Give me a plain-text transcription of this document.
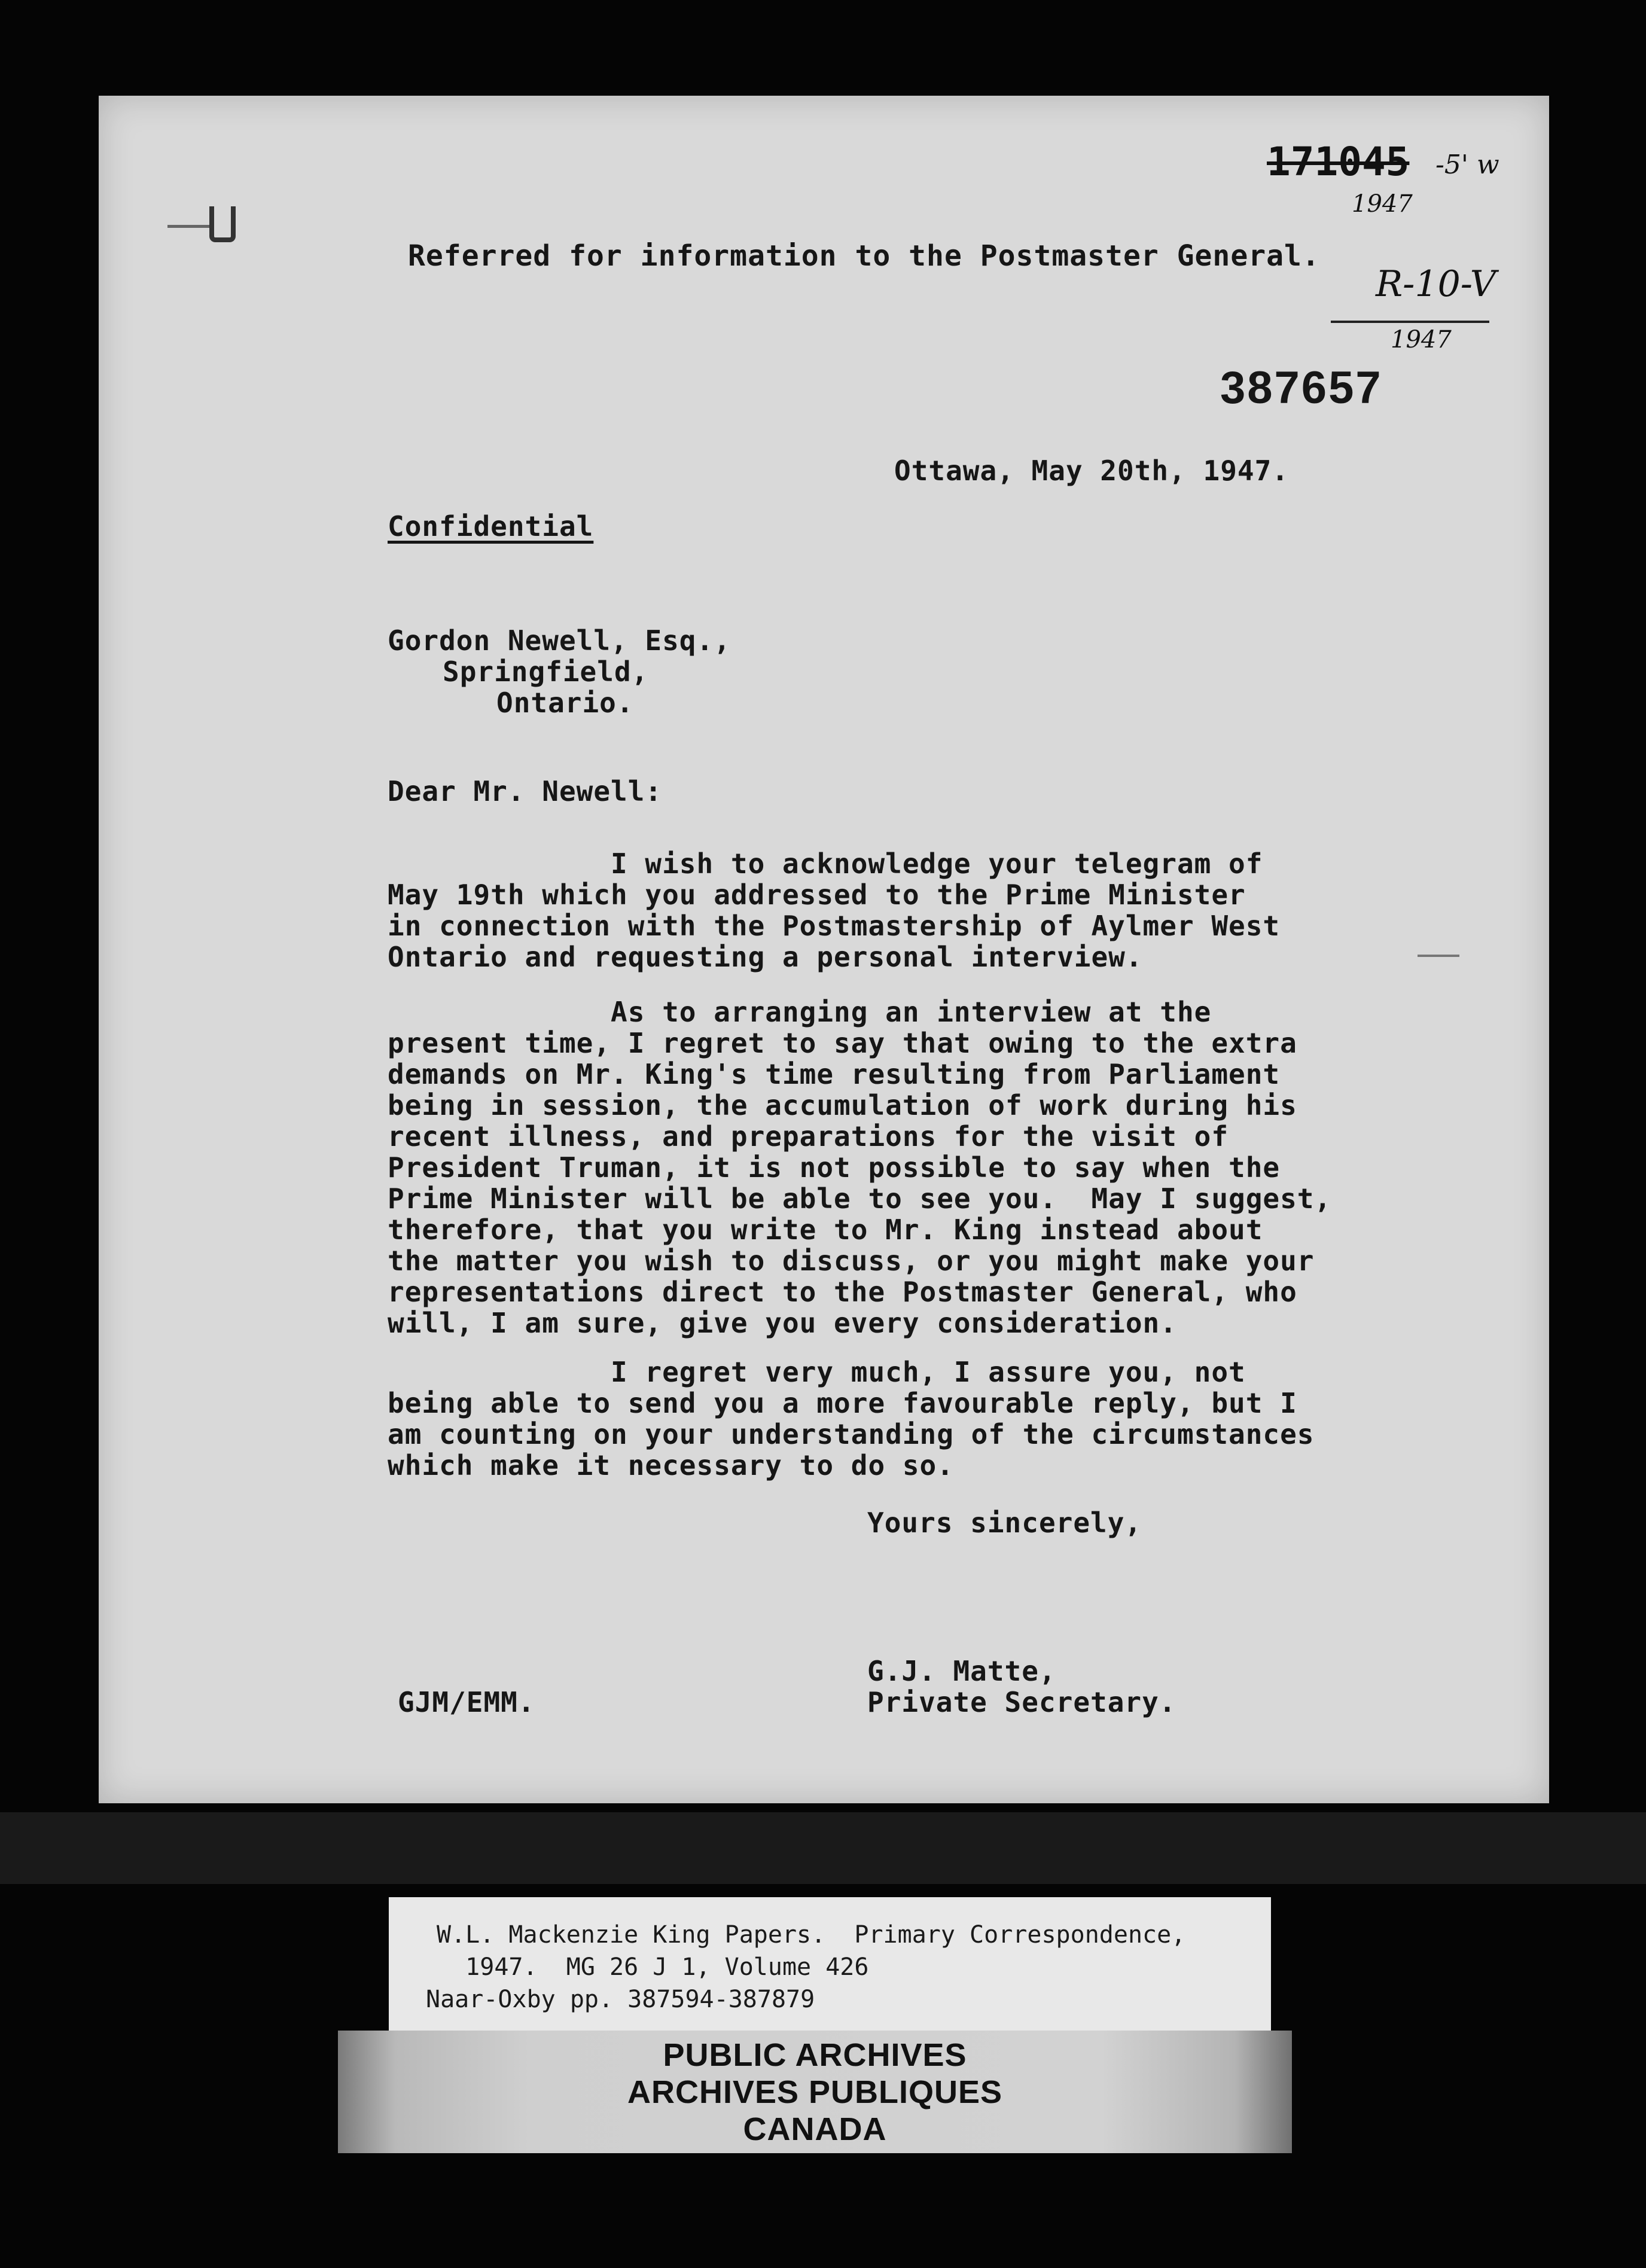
171045 -5' w
1947
R-10-V
1947
Referred for information to the Postmaster General.
387657
Ottawa, May 20th, 1947.
Confidential
Gordon Newell, Esq.,
Springfield,
Ontario.
Dear Mr. Newell:
I wish to acknowledge your telegram of
May 19th which you addressed to the Prime Minister
in connection with the Postmastership of Aylmer West
Ontario and requesting a personal interview.
As to arranging an interview at the
present time, I regret to say that owing to the extra
demands on Mr. King's time resulting from Parliament
being in session, the accumulation of work during his
recent illness, and preparations for the visit of
President Truman, it is not possible to say when the
Prime Minister will be able to see you.  May I suggest,
therefore, that you write to Mr. King instead about
the matter you wish to discuss, or you might make your
representations direct to the Postmaster General, who
will, I am sure, give you every consideration.
I regret very much, I assure you, not
being able to send you a more favourable reply, but I
am counting on your understanding of the circumstances
which make it necessary to do so.
Yours sincerely,
GJM/EMM.
G.J. Matte,
Private Secretary.
W.L. Mackenzie King Papers.  Primary Correspondence,
1947.  MG 26 J 1, Volume 426
Naar-Oxby pp. 387594-387879
PUBLIC ARCHIVES
ARCHIVES PUBLIQUES
CANADA
